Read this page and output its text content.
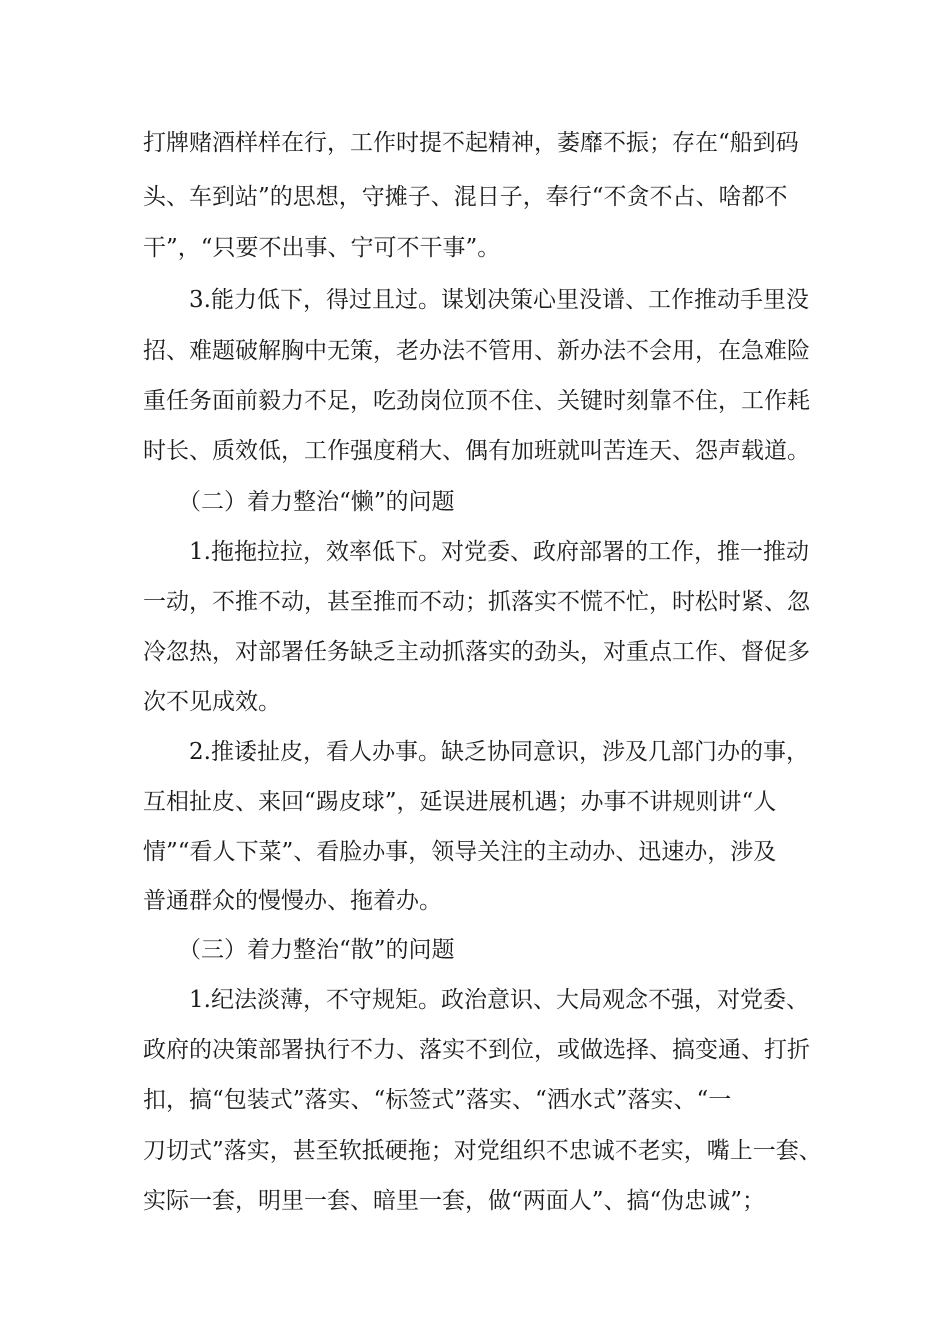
打牌赌酒样样在行，工作时提不起精神，萎靡不振；存在“船到码
头、车到站”的思想，守摊子、混日子，奉行“不贪不占、啥都不
干”，“只要不出事、宁可不干事”。
3.能力低下，得过且过。谋划决策心里没谱、工作推动手里没
招、难题破解胸中无策，老办法不管用、新办法不会用，在急难险
重任务面前毅力不足，吃劲岗位顶不住、关键时刻靠不住，工作耗
时长、质效低，工作强度稍大、偶有加班就叫苦连天、怨声载道。
（二）着力整治“懒”的问题
1.拖拖拉拉，效率低下。对党委、政府部署的工作，推一推动
一动，不推不动，甚至推而不动；抓落实不慌不忙，时松时紧、忽
冷忽热，对部署任务缺乏主动抓落实的劲头，对重点工作、督促多
次不见成效。
2.推诿扯皮，看人办事。缺乏协同意识，涉及几部门办的事，
互相扯皮、来回“踢皮球”，延误进展机遇；办事不讲规则讲“人
情”“看人下菜”、看脸办事，领导关注的主动办、迅速办，涉及
普通群众的慢慢办、拖着办。
（三）着力整治“散”的问题
1.纪法淡薄，不守规矩。政治意识、大局观念不强，对党委、
政府的决策部署执行不力、落实不到位，或做选择、搞变通、打折
扣，搞“包装式”落实、“标签式”落实、“洒水式”落实、“一
刀切式”落实，甚至软抵硬拖；对党组织不忠诚不老实，嘴上一套、
实际一套，明里一套、暗里一套，做“两面人”、搞“伪忠诚”；
